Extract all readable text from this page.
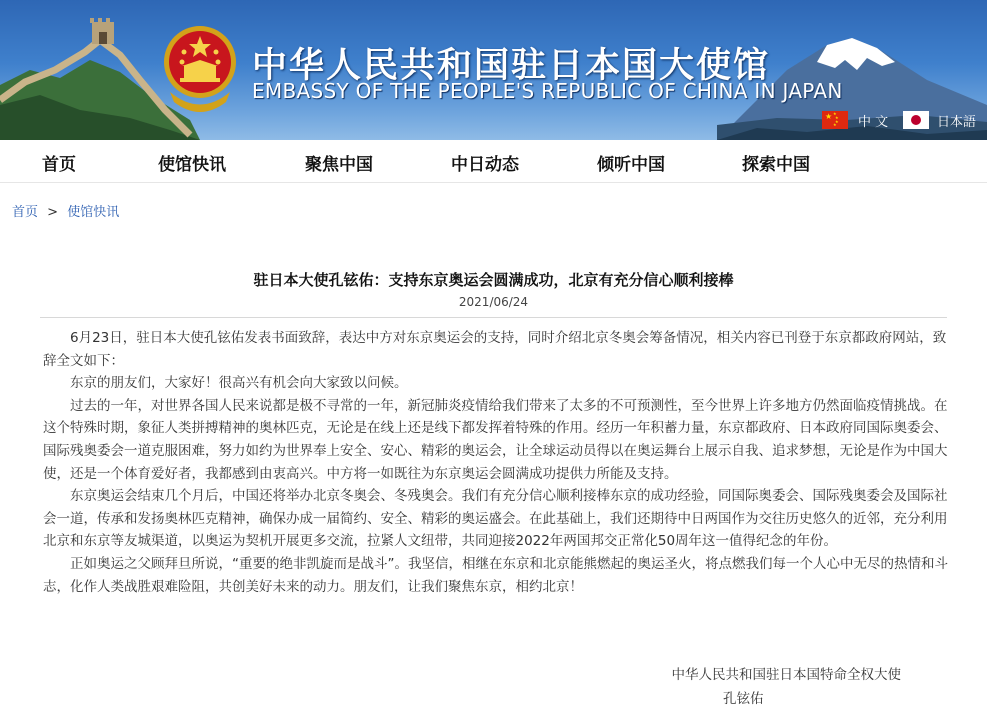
中华人民共和国驻日本国大使馆
EMBASSY OF THE PEOPLE'S REPUBLIC OF CHINA IN JAPAN
★ ★
★
★
★ 中 文	日本語
首页	使馆快讯	聚焦中国	中日动态	倾听中国	探索中国
首页 > 使馆快讯
驻日本大使孔铉佑：支持东京奥运会圆满成功，北京有充分信心顺利接棒
2021/06/24

6月23日，驻日本大使孔铉佑发表书面致辞，表达中方对东京奥运会的支持，同时介绍北京冬奥会筹备情况，相关内容已刊登于东京都政府网站，致辞全文如下：

东京的朋友们，大家好！很高兴有机会向大家致以问候。

过去的一年，对世界各国人民来说都是极不寻常的一年，新冠肺炎疫情给我们带来了太多的不可预测性，至今世界上许多地方仍然面临疫情挑战。在这个特殊时期，象征人类拼搏精神的奥林匹克，无论是在线上还是线下都发挥着特殊的作用。经历一年积蓄力量，东京都政府、日本政府同国际奥委会、国际残奥委会一道克服困难，努力如约为世界奉上安全、安心、精彩的奥运会，让全球运动员得以在奥运舞台上展示自我、追求梦想，无论是作为中国大使，还是一个体育爱好者，我都感到由衷高兴。中方将一如既往为东京奥运会圆满成功提供力所能及支持。

东京奥运会结束几个月后，中国还将举办北京冬奥会、冬残奥会。我们有充分信心顺利接棒东京的成功经验，同国际奥委会、国际残奥委会及国际社会一道，传承和发扬奥林匹克精神，确保办成一届简约、安全、精彩的奥运盛会。在此基础上，我们还期待中日两国作为交往历史悠久的近邻，充分利用北京和东京等友城渠道，以奥运为契机开展更多交流，拉紧人文纽带，共同迎接2022年两国邦交正常化50周年这一值得纪念的年份。

正如奥运之父顾拜旦所说，“重要的绝非凯旋而是战斗”。我坚信，相继在东京和北京能熊燃起的奥运圣火，将点燃我们每一个人心中无尽的热情和斗志，化作人类战胜艰难险阻，共创美好未来的动力。朋友们，让我们聚焦东京，相约北京！

中华人民共和国驻日本国特命全权大使
孔铉佑
